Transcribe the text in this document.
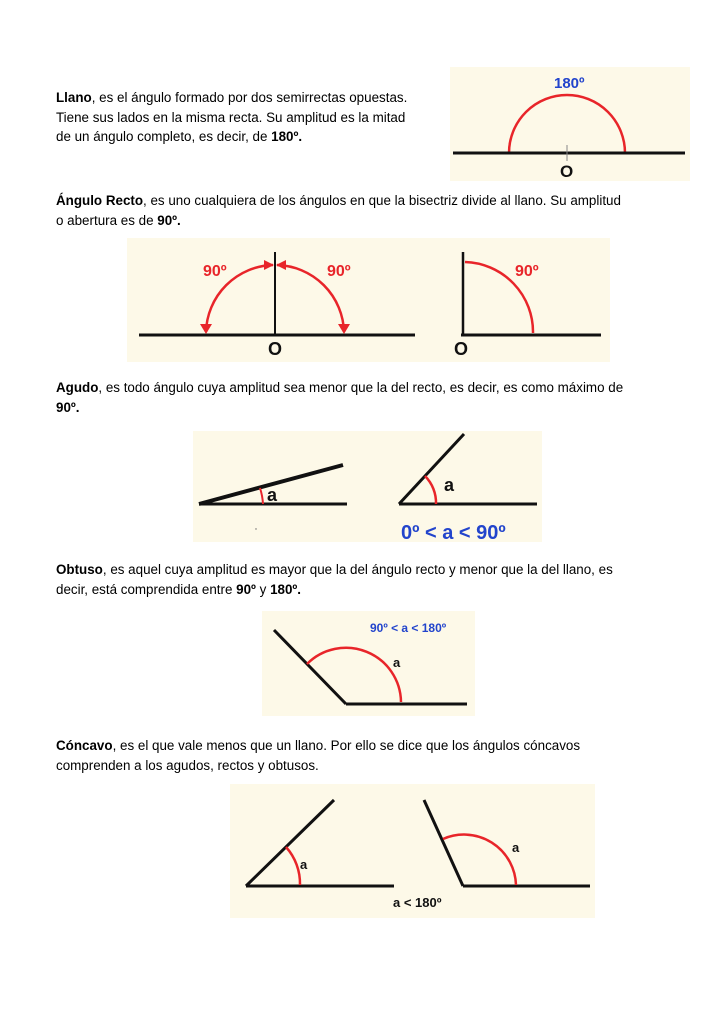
Llano, es el ángulo formado por dos semirrectas opuestas.
Tiene sus lados en la misma recta. Su amplitud es la mitad
de un ángulo completo, es decir, de 180º.

180º
O

Ángulo Recto, es uno cualquiera de los ángulos en que la bisectriz divide al llano. Su amplitud
o abertura es de 90º.

90º	90º
O
90º
O

Agudo, es todo ángulo cuya amplitud sea menor que la del recto, es decir, es como máximo de
90º.

a	a
0º < a < 90º

Obtuso, es aquel cuya amplitud es mayor que la del ángulo recto y menor que la del llano, es
decir, está comprendida entre 90º y 180º.

a
90º < a < 180º

Cóncavo, es el que vale menos que un llano. Por ello se dice que los ángulos cóncavos
comprenden a los agudos, rectos y obtusos.

a
a
a < 180º
